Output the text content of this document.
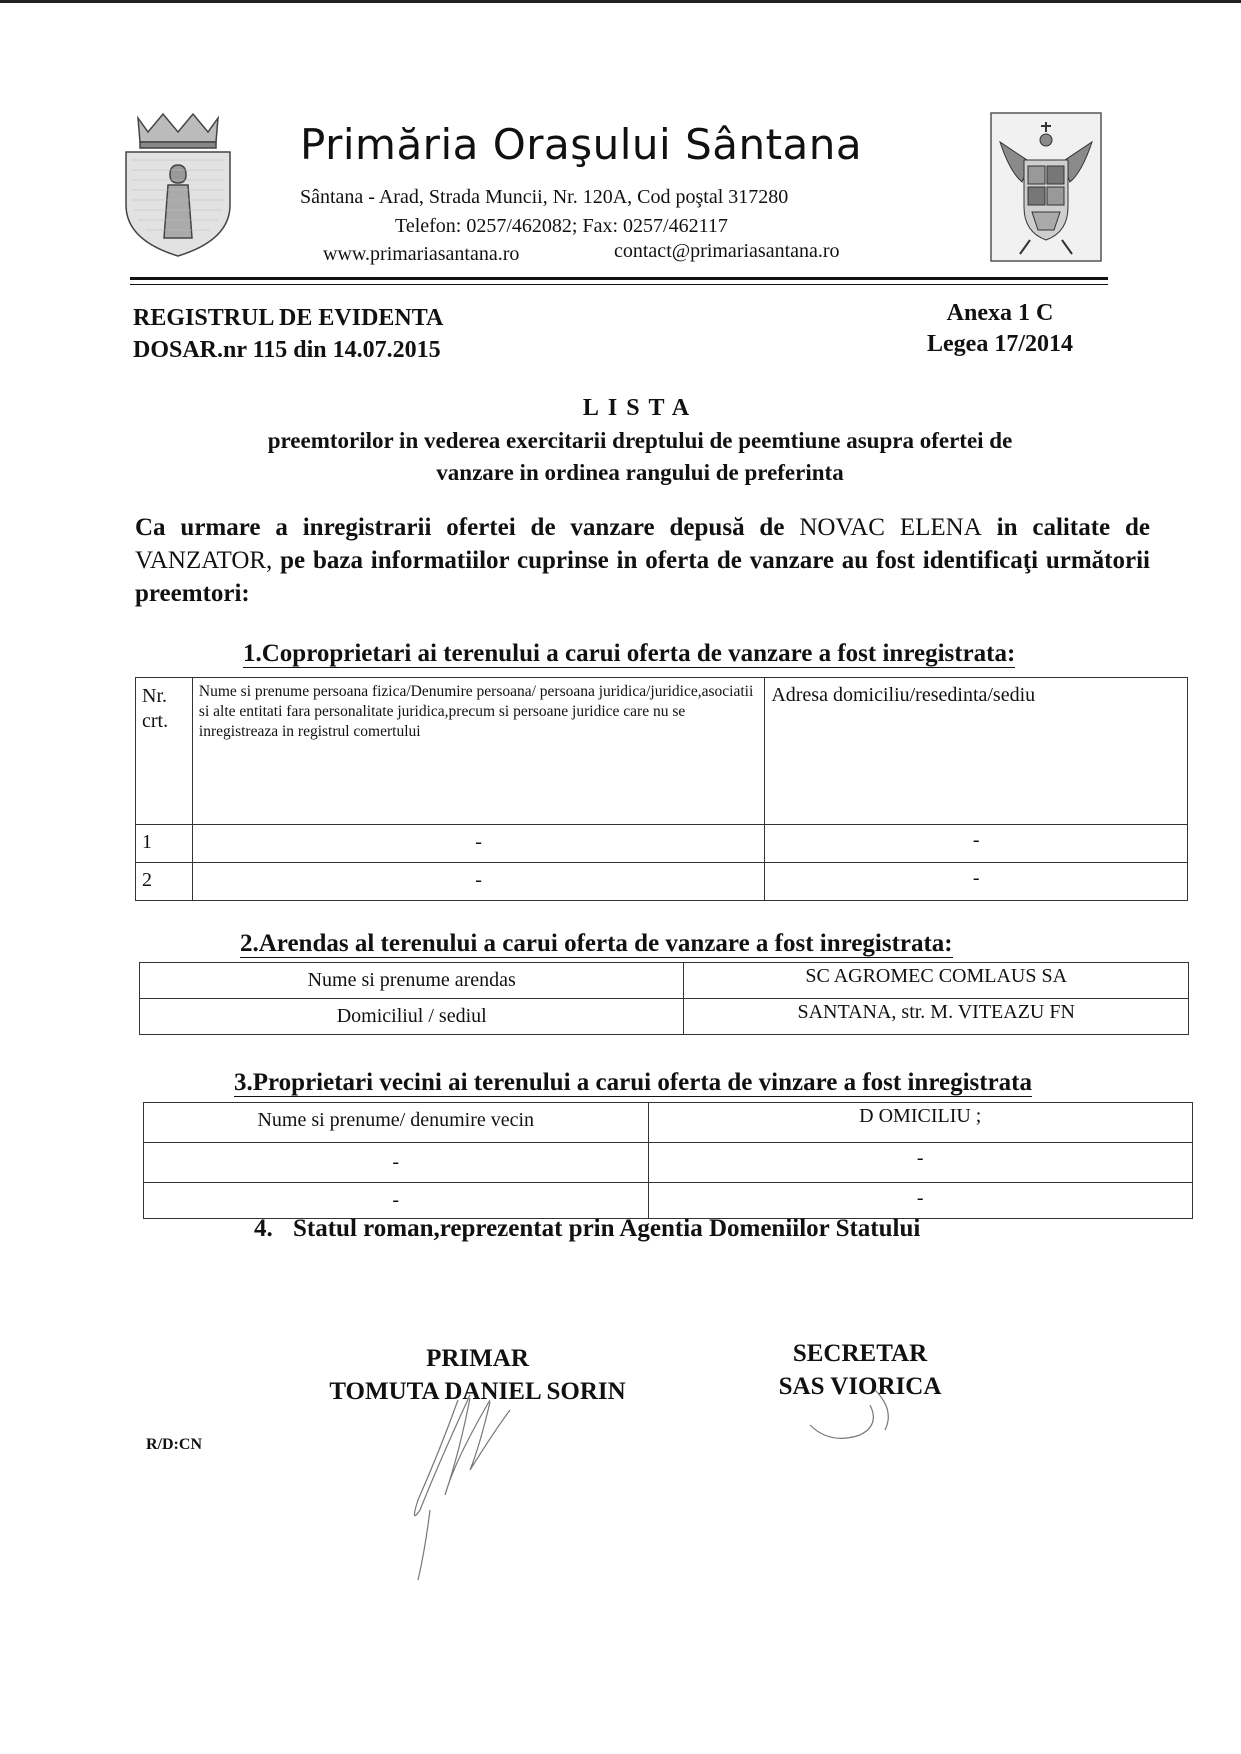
Primăria Oraşului Sântana
Sântana - Arad, Strada Muncii, Nr. 120A, Cod poştal 317280
Telefon: 0257/462082; Fax: 0257/462117
www.primariasantana.ro	contact@primariasantana.ro
REGISTRUL DE EVIDENTA
DOSAR.nr 115 din 14.07.2015
Anexa 1 C
Legea 17/2014
LISTA
preemtorilor in vederea exercitarii dreptului de peemtiune asupra ofertei de
vanzare in ordinea rangului de preferinta
Ca urmare a inregistrarii ofertei de vanzare depusă de NOVAC ELENA in calitate de VANZATOR, pe baza informatiilor cuprinse in oferta de vanzare au fost identificaţi următorii preemtori:
1.Coproprietari ai terenului a carui oferta de vanzare a fost inregistrata:
Nr. crt.	Nume si prenume persoana fizica/Denumire persoana/ persoana juridica/juridice,asociatii si alte entitati fara personalitate juridica,precum si persoane juridice care nu se inregistreaza in registrul comertului	Adresa domiciliu/resedinta/sediu

1	-	-

2	-	-
2.Arendas al terenului a carui oferta de vanzare a fost inregistrata:
Nume si prenume arendas	SC AGROMEC COMLAUS SA

Domiciliul / sediul	SANTANA, str. M. VITEAZU FN
3.Proprietari vecini ai terenului a carui oferta de vinzare a fost inregistrata
Nume si prenume/ denumire vecin	D OMICILIU ;

-	-

-	-
4. Statul roman,reprezentat prin Agentia Domeniilor Statului
PRIMAR
TOMUTA DANIEL SORIN
SECRETAR
SAS VIORICA
R/D:CN
